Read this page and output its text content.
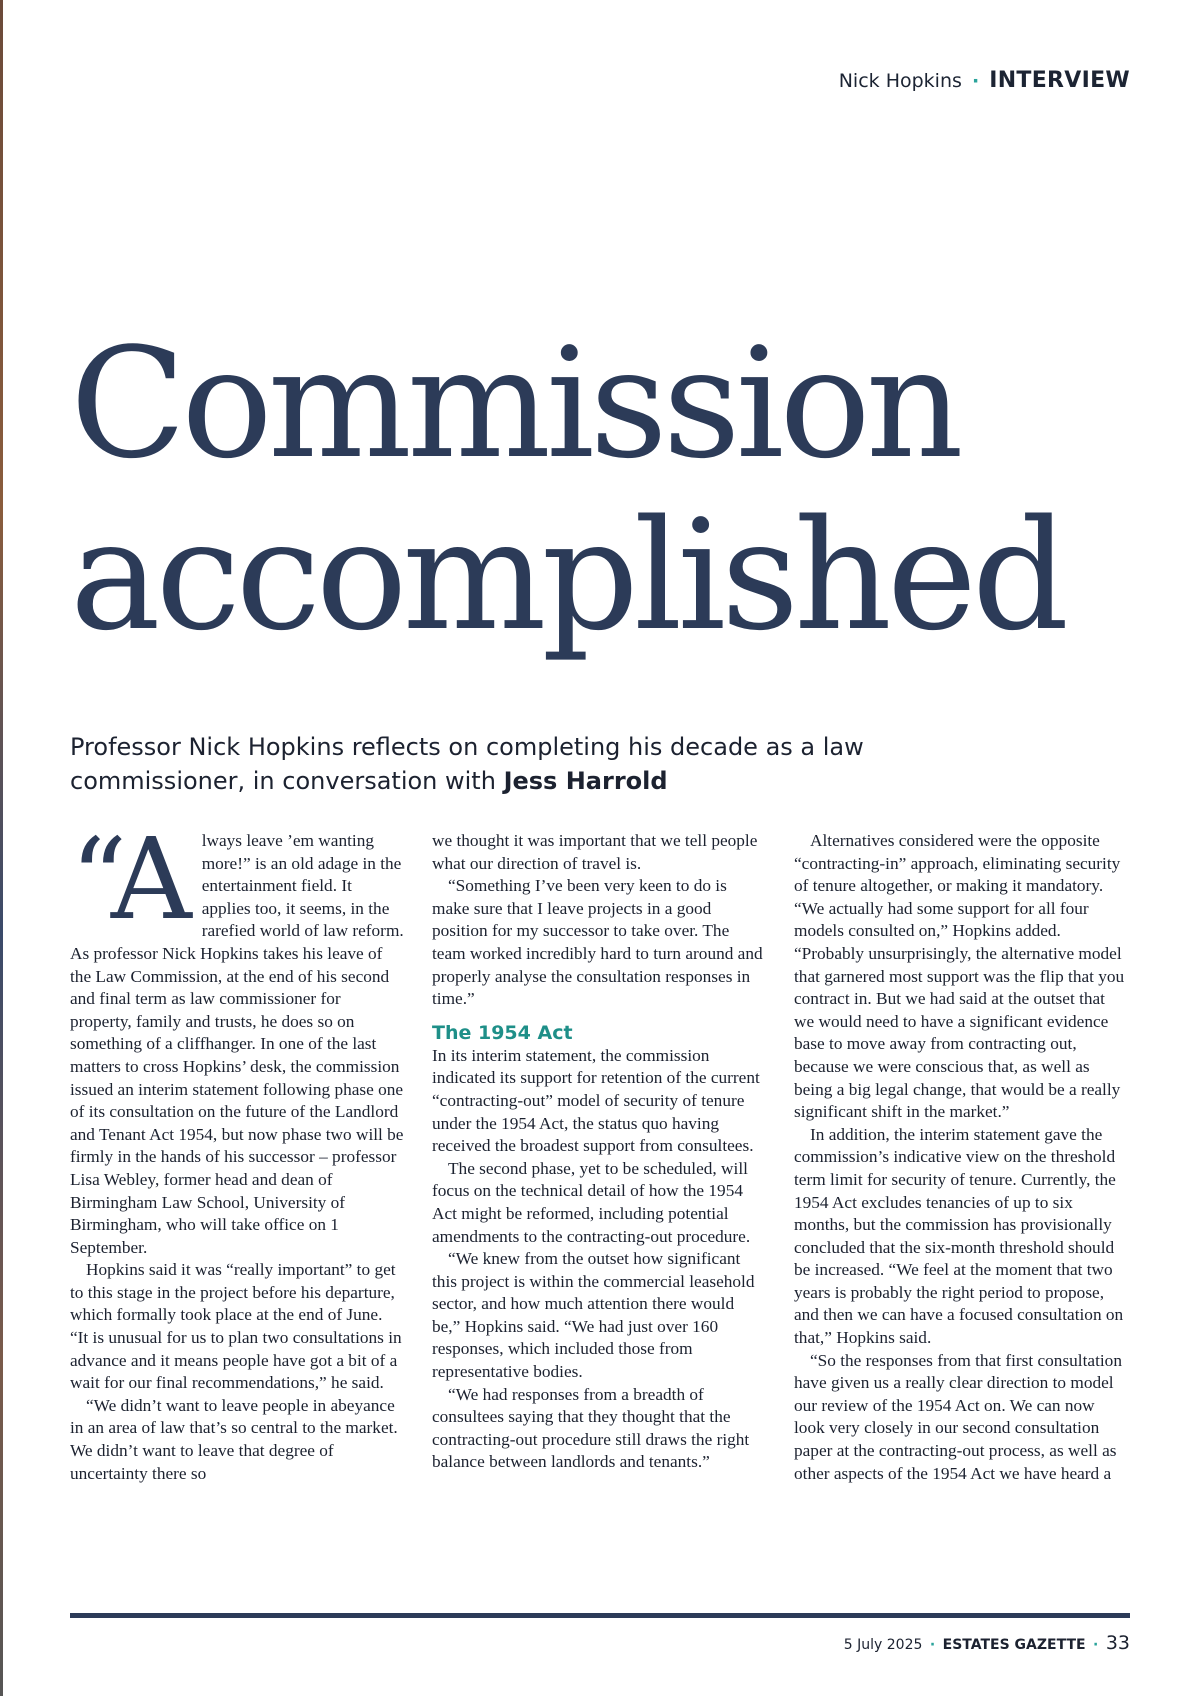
Nick Hopkins · INTERVIEW
Commission
accomplished

Professor Nick Hopkins reflects on completing his decade as a law commissioner, in conversation with Jess Harrold

“A lways leave ’em wanting more!” is an old adage in the entertainment field. It applies too, it seems, in the rarefied world of law reform. As professor Nick Hopkins takes his leave of the Law Commission, at the end of his second and final term as law commissioner for property, family and trusts, he does so on something of a cliffhanger. In one of the last matters to cross Hopkins’ desk, the commission issued an interim statement following phase one of its consultation on the future of the Landlord and Tenant Act 1954, but now phase two will be firmly in the hands of his successor – professor Lisa Webley, former head and dean of Birmingham Law School, University of Birmingham, who will take office on 1 September.

Hopkins said it was “really important” to get to this stage in the project before his departure, which formally took place at the end of June. “It is unusual for us to plan two consultations in advance and it means people have got a bit of a wait for our final recommendations,” he said.

“We didn’t want to leave people in abeyance in an area of law that’s so central to the market. We didn’t want to leave that degree of uncertainty there so

we thought it was important that we tell people what our direction of travel is.

“Something I’ve been very keen to do is make sure that I leave projects in a good position for my successor to take over. The team worked incredibly hard to turn around and properly analyse the consultation responses in time.”

The 1954 Act

In its interim statement, the commission indicated its support for retention of the current “contracting-out” model of security of tenure under the 1954 Act, the status quo having received the broadest support from consultees.

The second phase, yet to be scheduled, will focus on the technical detail of how the 1954 Act might be reformed, including potential amendments to the contracting-out procedure.

“We knew from the outset how significant this project is within the commercial leasehold sector, and how much attention there would be,” Hopkins said. “We had just over 160 responses, which included those from representative bodies.

“We had responses from a breadth of consultees saying that they thought that the contracting-out procedure still draws the right balance between landlords and tenants.”

Alternatives considered were the opposite “contracting-in” approach, eliminating security of tenure altogether, or making it mandatory. “We actually had some support for all four models consulted on,” Hopkins added. “Probably unsurprisingly, the alternative model that garnered most support was the flip that you contract in. But we had said at the outset that we would need to have a significant evidence base to move away from contracting out, because we were conscious that, as well as being a big legal change, that would be a really significant shift in the market.”

In addition, the interim statement gave the commission’s indicative view on the threshold term limit for security of tenure. Currently, the 1954 Act excludes tenancies of up to six months, but the commission has provisionally concluded that the six-month threshold should be increased. “We feel at the moment that two years is probably the right period to propose, and then we can have a focused consultation on that,” Hopkins said.

“So the responses from that first consultation have given us a really clear direction to model our review of the 1954 Act on. We can now look very closely in our second consultation paper at the contracting-out process, as well as other aspects of the 1954 Act we have heard a

5 July 2025 · ESTATES GAZETTE · 33
